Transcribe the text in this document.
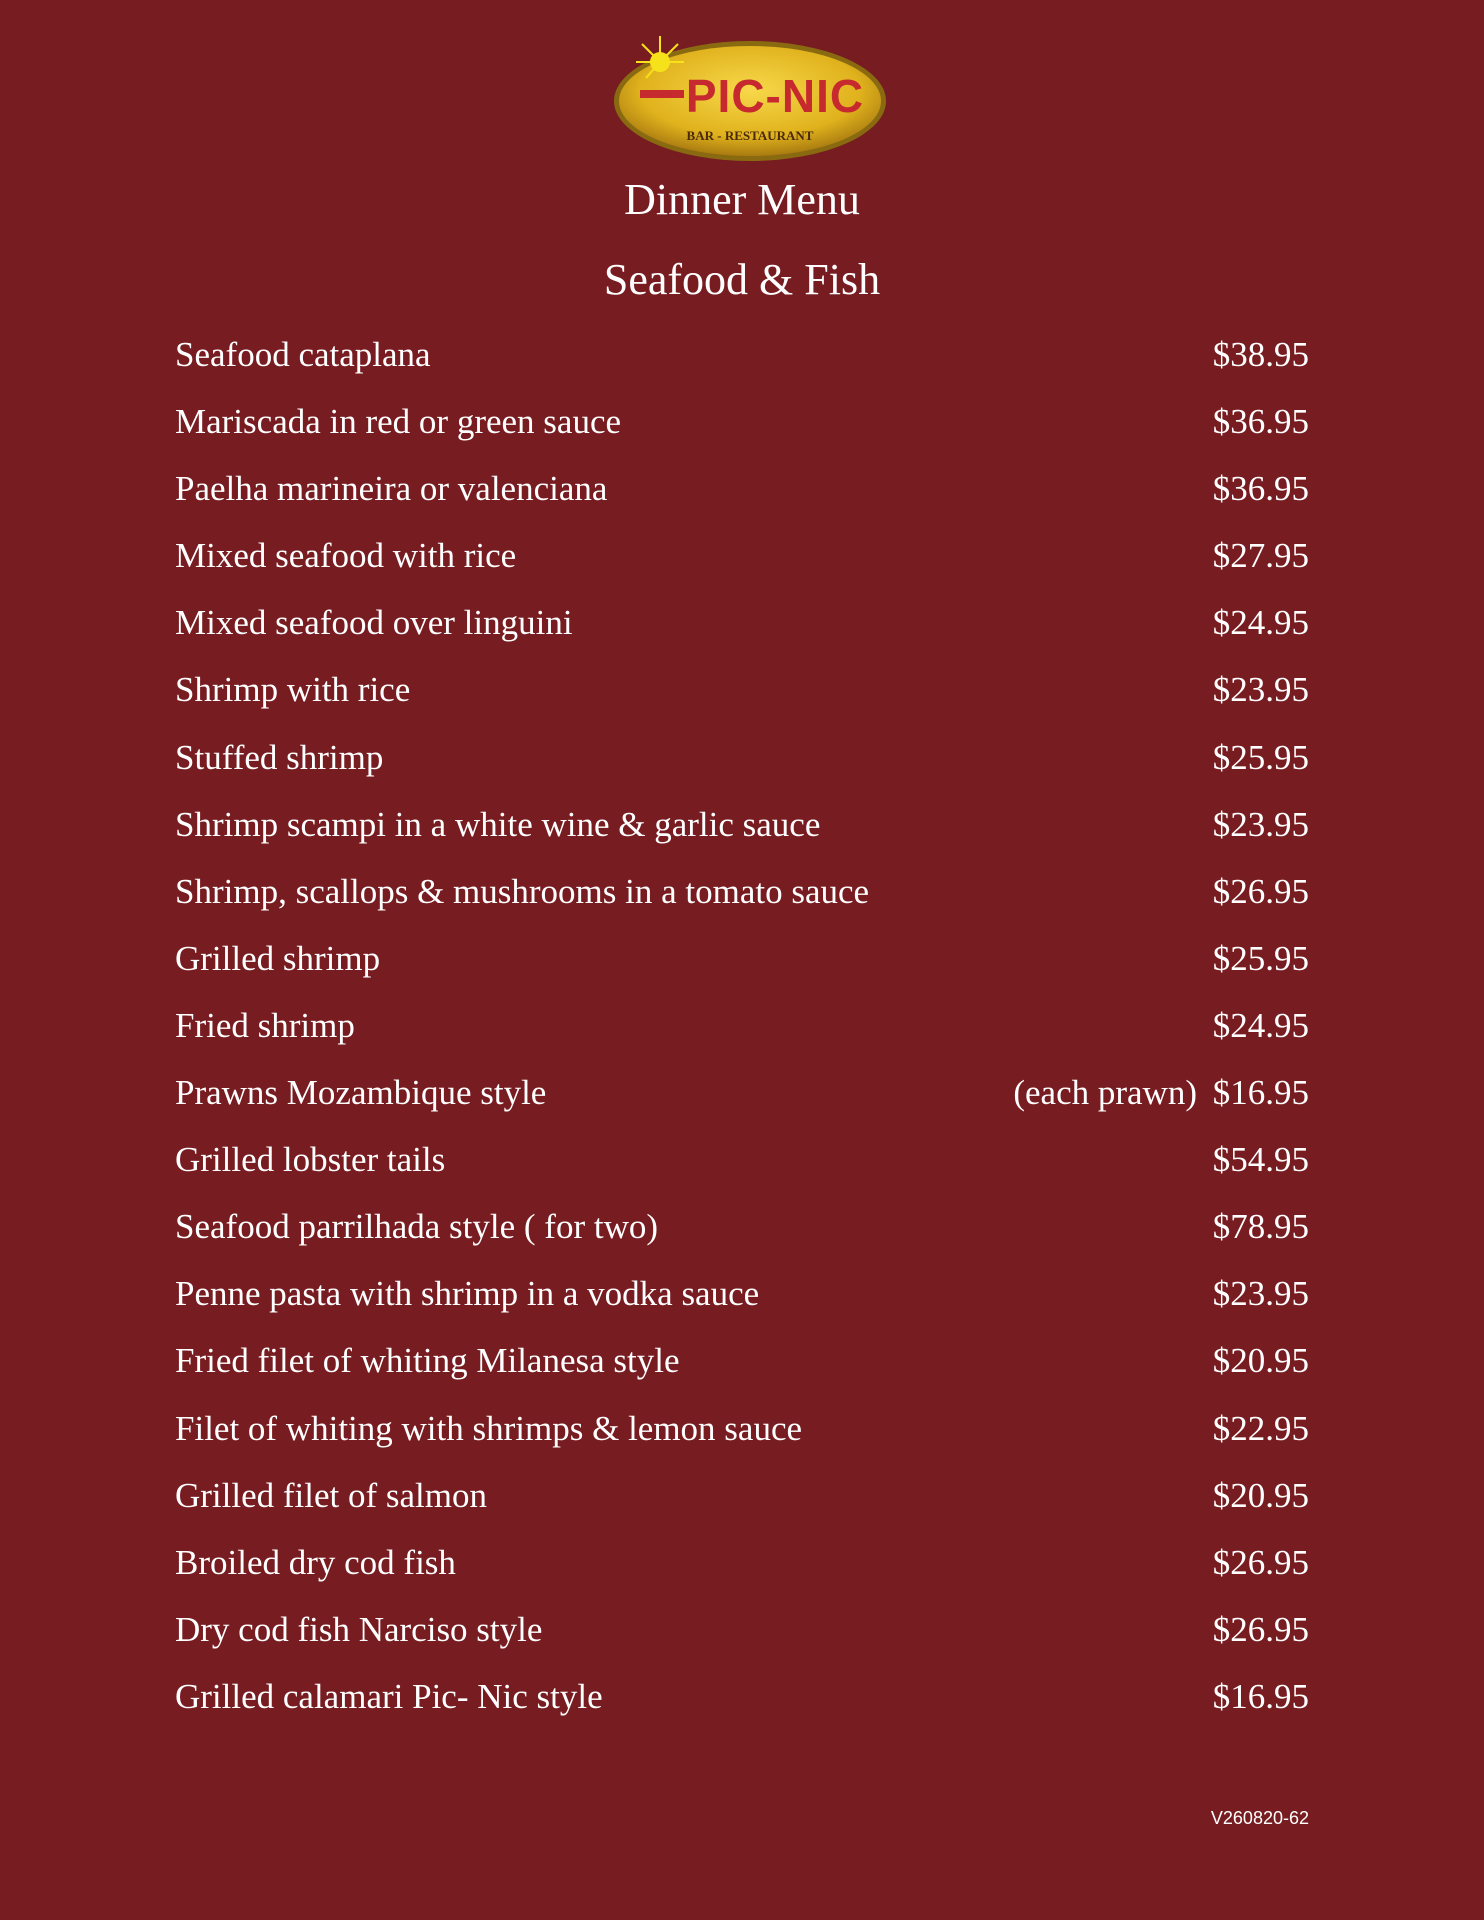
PIC-NIC
BAR - RESTAURANT
Dinner Menu
Seafood & Fish
Seafood cataplana	$38.95
Mariscada in red or green sauce	$36.95
Paelha marineira or valenciana	$36.95
Mixed seafood with rice	$27.95
Mixed seafood over linguini	$24.95
Shrimp with rice	$23.95
Stuffed shrimp	$25.95
Shrimp scampi in a white wine & garlic sauce	$23.95
Shrimp, scallops & mushrooms in a tomato sauce	$26.95
Grilled shrimp	$25.95
Fried shrimp	$24.95
Prawns Mozambique style	(each prawn) $16.95
Grilled lobster tails	$54.95
Seafood parrilhada style ( for two)	$78.95
Penne pasta with shrimp in a vodka sauce	$23.95
Fried filet of whiting Milanesa style	$20.95
Filet of whiting with shrimps & lemon sauce	$22.95
Grilled filet of salmon	$20.95
Broiled dry cod fish	$26.95
Dry cod fish Narciso style	$26.95
Grilled calamari Pic- Nic style	$16.95
V260820-62
